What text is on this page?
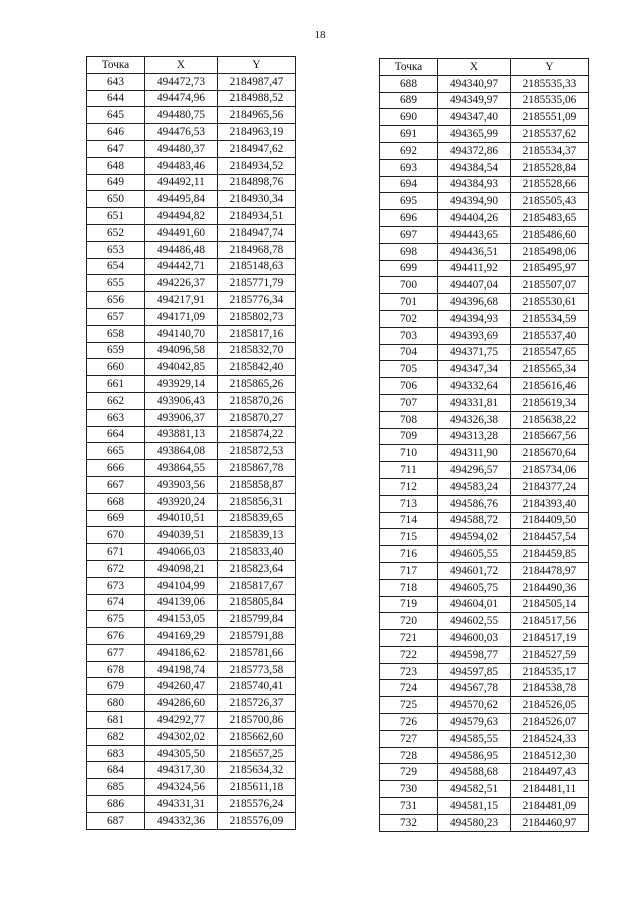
18
Точка	X	Y
643	494472,73	2184987,47
644	494474,96	2184988,52
645	494480,75	2184965,56
646	494476,53	2184963,19
647	494480,37	2184947,62
648	494483,46	2184934,52
649	494492,11	2184898,76
650	494495,84	2184930,34
651	494494,82	2184934,51
652	494491,60	2184947,74
653	494486,48	2184968,78
654	494442,71	2185148,63
655	494226,37	2185771,79
656	494217,91	2185776,34
657	494171,09	2185802,73
658	494140,70	2185817,16
659	494096,58	2185832,70
660	494042,85	2185842,40
661	493929,14	2185865,26
662	493906,43	2185870,26
663	493906,37	2185870,27
664	493881,13	2185874,22
665	493864,08	2185872,53
666	493864,55	2185867,78
667	493903,56	2185858,87
668	493920,24	2185856,31
669	494010,51	2185839,65
670	494039,51	2185839,13
671	494066,03	2185833,40
672	494098,21	2185823,64
673	494104,99	2185817,67
674	494139,06	2185805,84
675	494153,05	2185799,84
676	494169,29	2185791,88
677	494186,62	2185781,66
678	494198,74	2185773,58
679	494260,47	2185740,41
680	494286,60	2185726,37
681	494292,77	2185700,86
682	494302,02	2185662,60
683	494305,50	2185657,25
684	494317,30	2185634,32
685	494324,56	2185611,18
686	494331,31	2185576,24
687	494332,36	2185576,09
Точка	X	Y
688	494340,97	2185535,33
689	494349,97	2185535,06
690	494347,40	2185551,09
691	494365,99	2185537,62
692	494372,86	2185534,37
693	494384,54	2185528,84
694	494384,93	2185528,66
695	494394,90	2185505,43
696	494404,26	2185483,65
697	494443,65	2185486,60
698	494436,51	2185498,06
699	494411,92	2185495,97
700	494407,04	2185507,07
701	494396,68	2185530,61
702	494394,93	2185534,59
703	494393,69	2185537,40
704	494371,75	2185547,65
705	494347,34	2185565,34
706	494332,64	2185616,46
707	494331,81	2185619,34
708	494326,38	2185638,22
709	494313,28	2185667,56
710	494311,90	2185670,64
711	494296,57	2185734,06
712	494583,24	2184377,24
713	494586,76	2184393,40
714	494588,72	2184409,50
715	494594,02	2184457,54
716	494605,55	2184459,85
717	494601,72	2184478,97
718	494605,75	2184490,36
719	494604,01	2184505,14
720	494602,55	2184517,56
721	494600,03	2184517,19
722	494598,77	2184527,59
723	494597,85	2184535,17
724	494567,78	2184538,78
725	494570,62	2184526,05
726	494579,63	2184526,07
727	494585,55	2184524,33
728	494586,95	2184512,30
729	494588,68	2184497,43
730	494582,51	2184481,11
731	494581,15	2184481,09
732	494580,23	2184460,97
